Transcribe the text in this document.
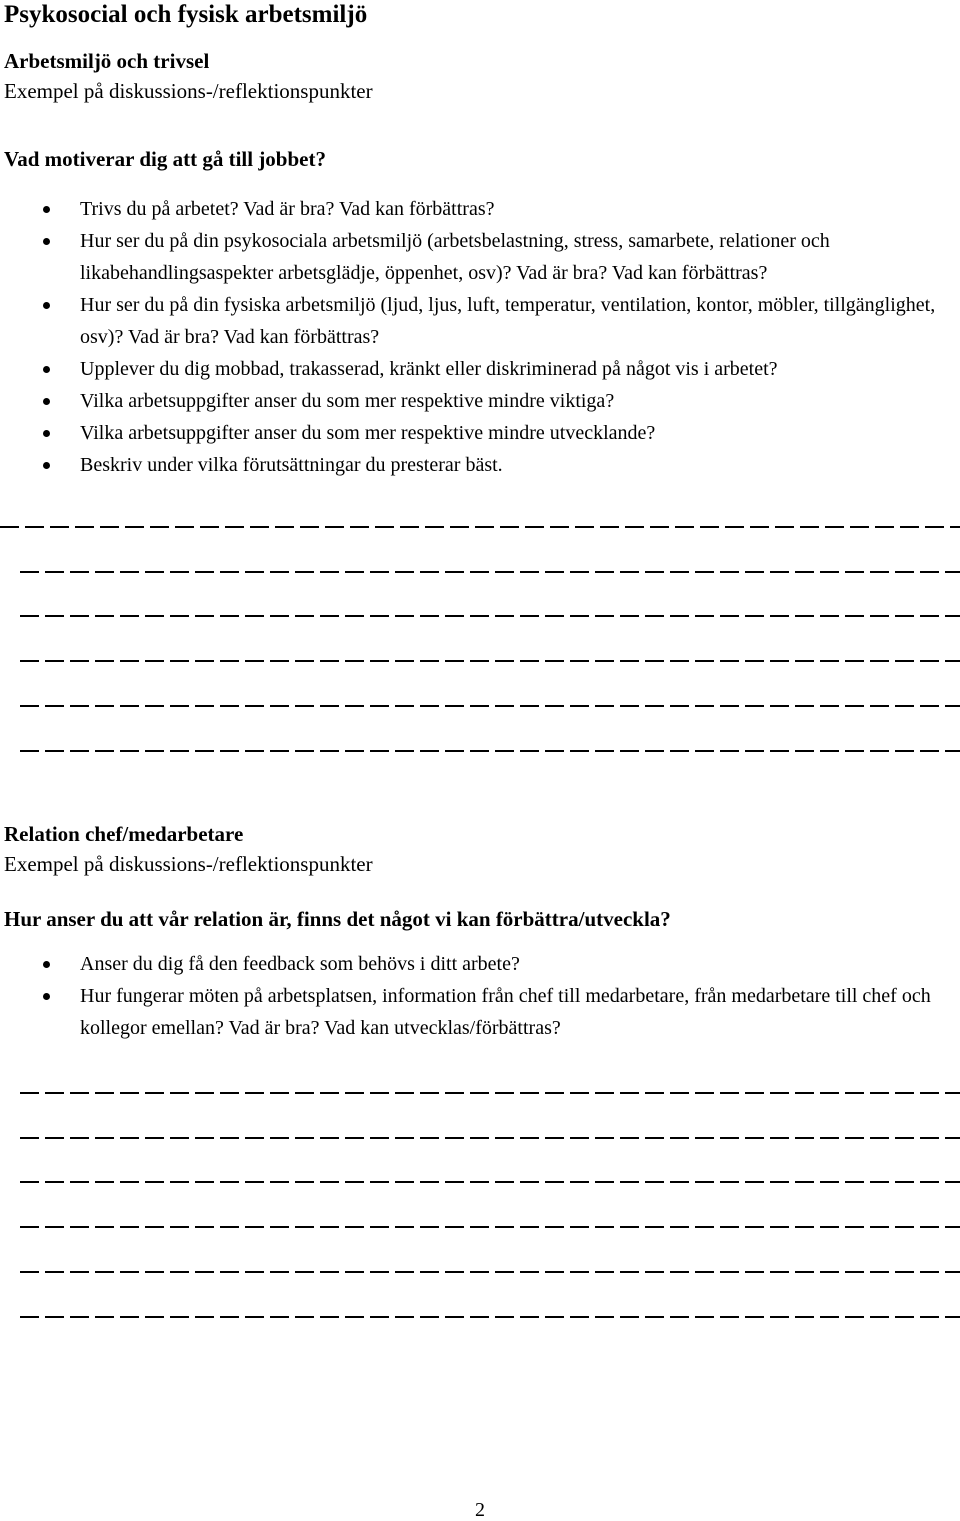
Psykosocial och fysisk arbetsmiljö
Arbetsmiljö och trivsel
Exempel på diskussions-/reflektionspunkter
Vad motiverar dig att gå till jobbet?
Trivs du på arbetet? Vad är bra? Vad kan förbättras?
Hur ser du på din psykosociala arbetsmiljö (arbetsbelastning, stress, samarbete, relationer och likabehandlingsaspekter arbetsglädje, öppenhet, osv)? Vad är bra? Vad kan förbättras?
Hur ser du på din fysiska arbetsmiljö (ljud, ljus, luft, temperatur, ventilation, kontor, möbler, tillgänglighet, osv)? Vad är bra? Vad kan förbättras?
Upplever du dig mobbad, trakasserad, kränkt eller diskriminerad på något vis i arbetet?
Vilka arbetsuppgifter anser du som mer respektive mindre viktiga?
Vilka arbetsuppgifter anser du som mer respektive mindre utvecklande?
Beskriv under vilka förutsättningar du presterar bäst.
Relation chef/medarbetare
Exempel på diskussions-/reflektionspunkter
Hur anser du att vår relation är, finns det något vi kan förbättra/utveckla?
Anser du dig få den feedback som behövs i ditt arbete?
Hur fungerar möten på arbetsplatsen, information från chef till medarbetare, från medarbetare till chef och kollegor emellan? Vad är bra? Vad kan utvecklas/förbättras?
2
